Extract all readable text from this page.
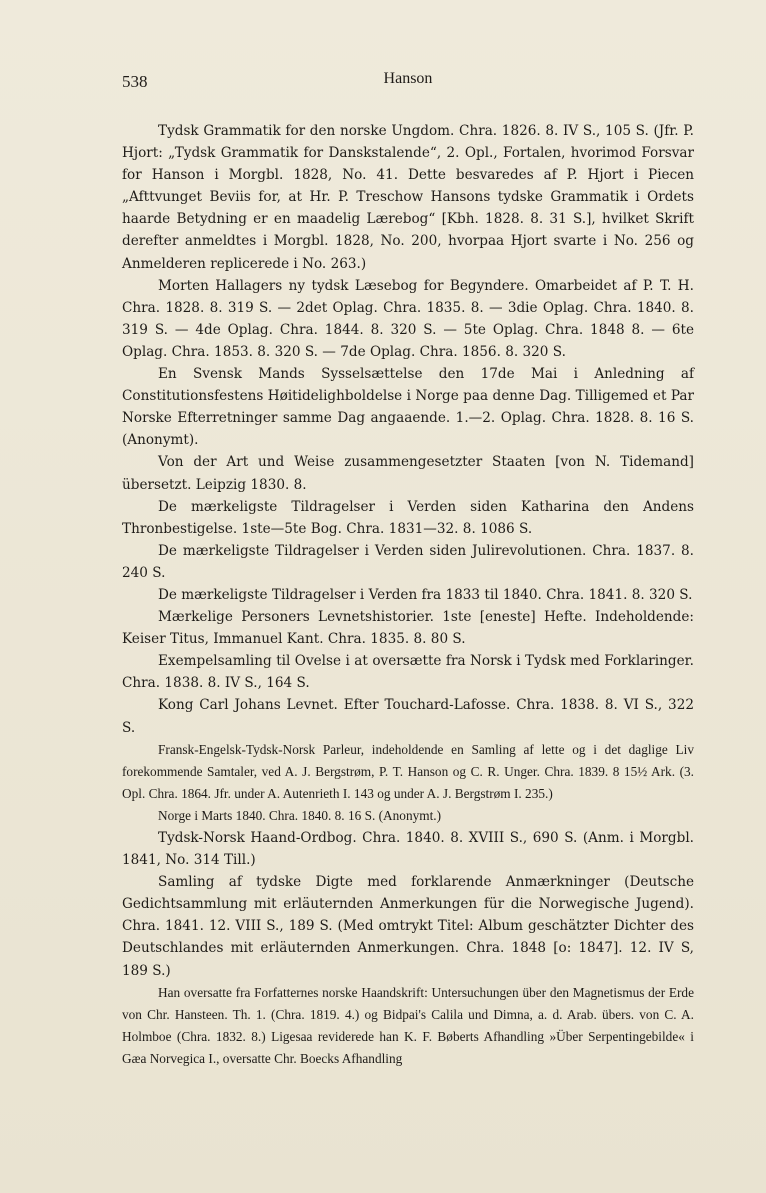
538	Hanson

Tydsk Grammatik for den norske Ungdom. Chra. 1826. 8. IV S., 105 S. (Jfr. P. Hjort: „Tydsk Grammatik for Danskstalende“, 2. Opl., Fortalen, hvorimod Forsvar for Hanson i Morgbl. 1828, No. 41. Dette besvaredes af P. Hjort i Piecen „Afttvunget Beviis for, at Hr. P. Treschow Hansons tydske Grammatik i Ordets haarde Betydning er en maadelig Lærebog“ [Kbh. 1828. 8. 31 S.], hvilket Skrift derefter anmeldtes i Morgbl. 1828, No. 200, hvorpaa Hjort svarte i No. 256 og Anmelderen replicerede i No. 263.)

Morten Hallagers ny tydsk Læsebog for Begyndere. Omarbeidet af P. T. H. Chra. 1828. 8. 319 S. — 2det Oplag. Chra. 1835. 8. — 3die Oplag. Chra. 1840. 8. 319 S. — 4de Oplag. Chra. 1844. 8. 320 S. — 5te Oplag. Chra. 1848 8. — 6te Oplag. Chra. 1853. 8. 320 S. — 7de Oplag. Chra. 1856. 8. 320 S.

En Svensk Mands Sysselsættelse den 17de Mai i Anledning af Constitutionsfestens Høitidelighboldelse i Norge paa denne Dag. Tilligemed et Par Norske Efterretninger samme Dag angaaende. 1.—2. Oplag. Chra. 1828. 8. 16 S. (Anonymt).

Von der Art und Weise zusammengesetzter Staaten [von N. Tidemand] übersetzt. Leipzig 1830. 8.

De mærkeligste Tildragelser i Verden siden Katharina den Andens Thronbestigelse. 1ste—5te Bog. Chra. 1831—32. 8. 1086 S.

De mærkeligste Tildragelser i Verden siden Julirevolutionen. Chra. 1837. 8. 240 S.

De mærkeligste Tildragelser i Verden fra 1833 til 1840. Chra. 1841. 8. 320 S.

Mærkelige Personers Levnetshistorier. 1ste [eneste] Hefte. Indeholdende: Keiser Titus, Immanuel Kant. Chra. 1835. 8. 80 S.

Exempelsamling til Ovelse i at oversætte fra Norsk i Tydsk med Forklaringer. Chra. 1838. 8. IV S., 164 S.

Kong Carl Johans Levnet. Efter Touchard-Lafosse. Chra. 1838. 8. VI S., 322 S.

Fransk-Engelsk-Tydsk-Norsk Parleur, indeholdende en Samling af lette og i det daglige Liv forekommende Samtaler, ved A. J. Bergstrøm, P. T. Hanson og C. R. Unger. Chra. 1839. 8 15½ Ark. (3. Opl. Chra. 1864. Jfr. under A. Autenrieth I. 143 og under A. J. Bergstrøm I. 235.)

Norge i Marts 1840. Chra. 1840. 8. 16 S. (Anonymt.)

Tydsk-Norsk Haand-Ordbog. Chra. 1840. 8. XVIII S., 690 S. (Anm. i Morgbl. 1841, No. 314 Till.)

Samling af tydske Digte med forklarende Anmærkninger (Deutsche Gedichtsammlung mit erläuternden Anmerkungen für die Norwegische Jugend). Chra. 1841. 12. VIII S., 189 S. (Med omtrykt Titel: Album geschätzter Dichter des Deutschlandes mit erläuternden Anmerkungen. Chra. 1848 [o: 1847]. 12. IV S, 189 S.)

Han oversatte fra Forfatternes norske Haandskrift: Untersuchungen über den Magnetismus der Erde von Chr. Hansteen. Th. 1. (Chra. 1819. 4.) og Bidpai's Calila und Dimna, a. d. Arab. übers. von C. A. Holmboe (Chra. 1832. 8.) Ligesaa reviderede han K. F. Bøberts Afhandling »Über Serpentingebilde« i Gæa Norvegica I., oversatte Chr. Boecks Afhandling
